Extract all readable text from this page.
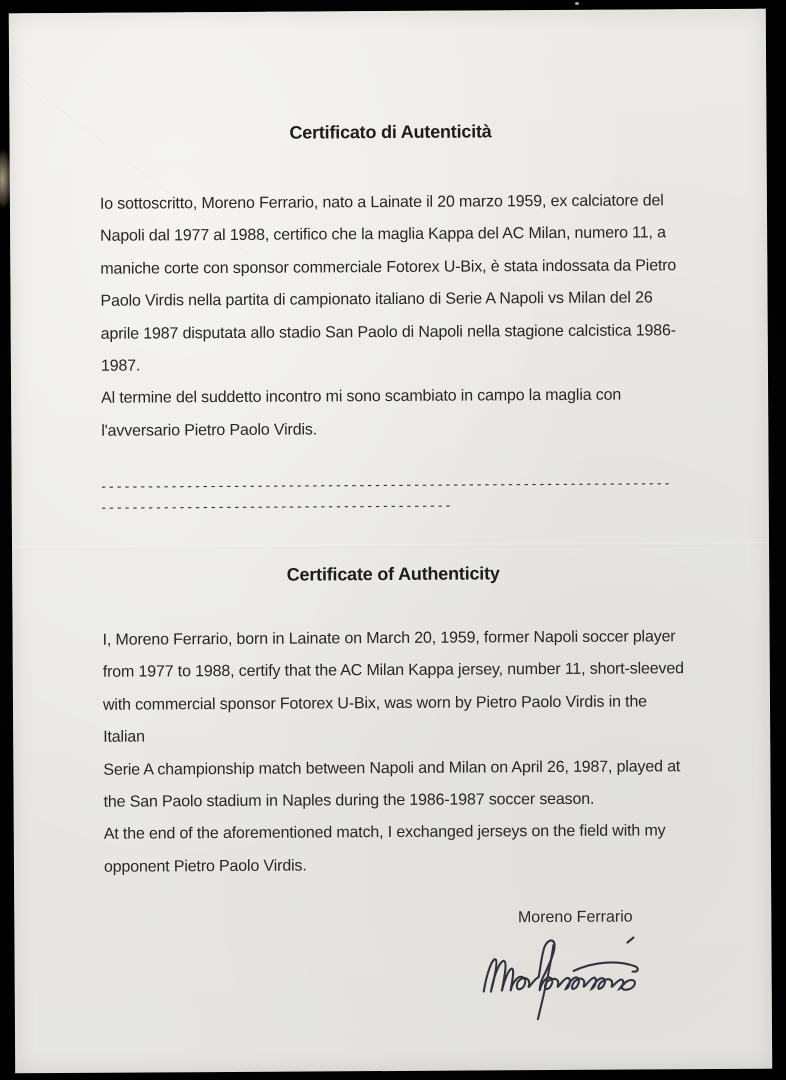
Certificato di Autenticità
Io sottoscritto, Moreno Ferrario, nato a Lainate il 20 marzo 1959, ex calciatore del
Napoli dal 1977 al 1988, certifico che la maglia Kappa del AC Milan, numero 11, a
maniche corte con sponsor commerciale Fotorex U-Bix, è stata indossata da Pietro
Paolo Virdis nella partita di campionato italiano di Serie A Napoli vs Milan del 26
aprile 1987 disputata allo stadio San Paolo di Napoli nella stagione calcistica 1986-
1987.
Al termine del suddetto incontro mi sono scambiato in campo la maglia con
l'avversario Pietro Paolo Virdis.
-------------------------------------------------------------------------
---------------------------------------------
Certificate of Authenticity
I, Moreno Ferrario, born in Lainate on March 20, 1959, former Napoli soccer player
from 1977 to 1988, certify that the AC Milan Kappa jersey, number 11, short-sleeved
with commercial sponsor Fotorex U-Bix, was worn by Pietro Paolo Virdis in the
Italian
Serie A championship match between Napoli and Milan on April 26, 1987, played at
the San Paolo stadium in Naples during the 1986-1987 soccer season.
At the end of the aforementioned match, I exchanged jerseys on the field with my
opponent Pietro Paolo Virdis.

Moreno Ferrario
